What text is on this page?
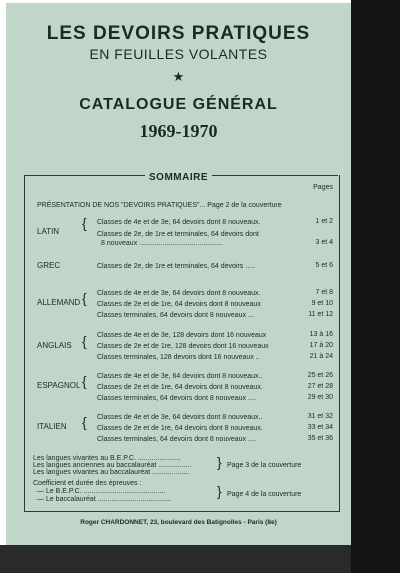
LES DEVOIRS PRATIQUES
EN FEUILLES VOLANTES
★
CATALOGUE GÉNÉRAL
1969-1970
SOMMAIRE
Pages
PRÉSENTATION DE NOS "DEVOIRS PRATIQUES"... Page 2 de la couverture
LATIN
{ Classes de 4e et de 3e, 64 devoirs dont 8 nouveaux.	1 et 2
Classes de 2e, de 1re et terminales, 64 devoirs dont
8 nouveaux ...........................................	3 et 4
GREC	Classes de 2e, de 1re et terminales, 64 devoirs .....	5 et 6
ALLEMAND { Classes de 4e et de 3e, 64 devoirs dont 8 nouveaux.	7 et 8
Classes de 2e et de 1re, 64 devoirs dont 8 nouveaux	9 et 10
Classes terminales, 64 devoirs dont 8 nouveaux ...	11 et 12
ANGLAIS { Classes de 4e et de 3e, 128 devoirs dont 16 nouveaux	13 à 16
Classes de 2e et de 1re, 128 devoirs dont 16 nouveaux	17 à 20
Classes terminales, 128 devoirs dont 16 nouveaux ..	21 à 24
ESPAGNOL { Classes de 4e et de 3e, 64 devoirs dont 8 nouveaux..	25 et 26
Classes de 2e et de 1re, 64 devoirs dont 8 nouveaux.	27 et 28
Classes terminales, 64 devoirs dont 8 nouveaux ....	29 et 30
ITALIEN { Classes de 4e et de 3e, 64 devoirs dont 8 nouveaux..	31 et 32
Classes de 2e et de 1re, 64 devoirs dont 8 nouveaux.	33 et 34
Classes terminales, 64 devoirs dont 8 nouveaux ....	35 et 36
Les langues vivantes au B.E.P.C. ......................
Les langues anciennes au baccalauréat .................
Les langues vivantes au baccalauréat ...................
} Page 3 de la couverture
Coefficient et durée des épreuves :
— Le B.E.P.C. ..........................................
— Le baccalauréat ......................................
} Page 4 de la couverture
Roger CHARDONNET, 23, boulevard des Batignolles - Paris (8e)
